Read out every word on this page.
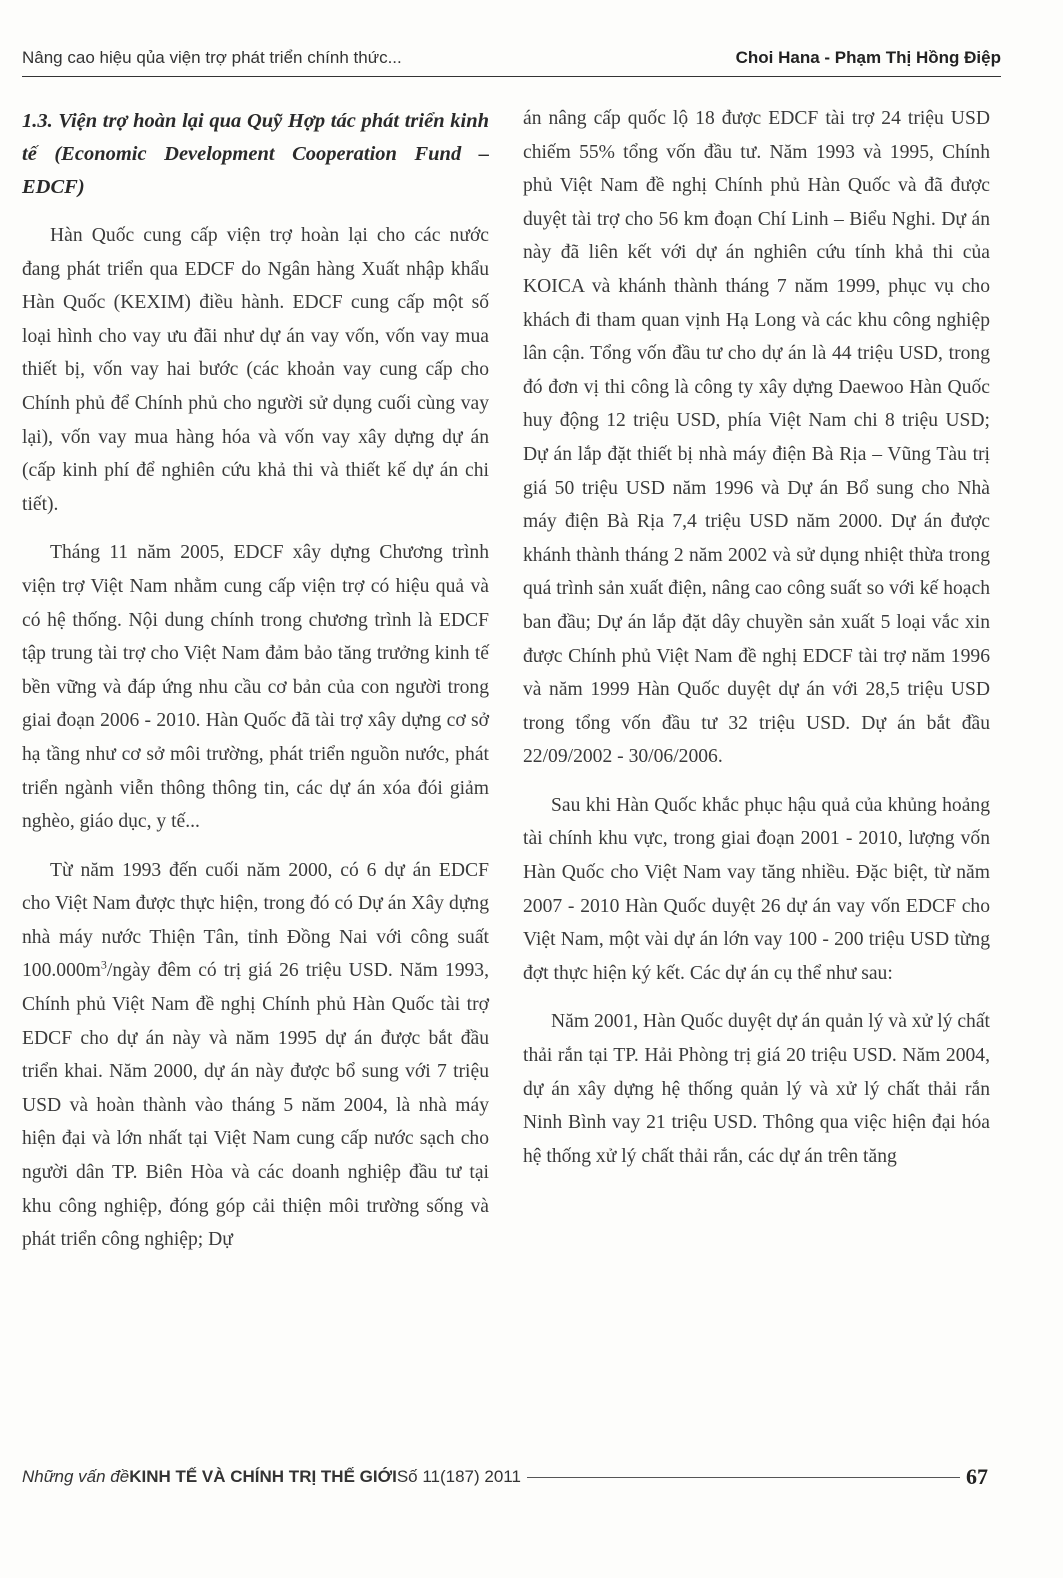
Nâng cao hiệu qủa viện trợ phát triển chính thức...	Choi Hana - Phạm Thị Hồng Điệp

1.3. Viện trợ hoàn lại qua Quỹ Hợp tác phát triển kinh tế (Economic Development Cooperation Fund – EDCF)

Hàn Quốc cung cấp viện trợ hoàn lại cho các nước đang phát triển qua EDCF do Ngân hàng Xuất nhập khẩu Hàn Quốc (KEXIM) điều hành. EDCF cung cấp một số loại hình cho vay ưu đãi như dự án vay vốn, vốn vay mua thiết bị, vốn vay hai bước (các khoản vay cung cấp cho Chính phủ để Chính phủ cho người sử dụng cuối cùng vay lại), vốn vay mua hàng hóa và vốn vay xây dựng dự án (cấp kinh phí để nghiên cứu khả thi và thiết kế dự án chi tiết).

Tháng 11 năm 2005, EDCF xây dựng Chương trình viện trợ Việt Nam nhằm cung cấp viện trợ có hiệu quả và có hệ thống. Nội dung chính trong chương trình là EDCF tập trung tài trợ cho Việt Nam đảm bảo tăng trưởng kinh tế bền vững và đáp ứng nhu cầu cơ bản của con người trong giai đoạn 2006 - 2010. Hàn Quốc đã tài trợ xây dựng cơ sở hạ tầng như cơ sở môi trường, phát triển nguồn nước, phát triển ngành viễn thông thông tin, các dự án xóa đói giảm nghèo, giáo dục, y tế...

Từ năm 1993 đến cuối năm 2000, có 6 dự án EDCF cho Việt Nam được thực hiện, trong đó có Dự án Xây dựng nhà máy nước Thiện Tân, tỉnh Đồng Nai với công suất $100.000m^3$/ngày đêm có trị giá 26 triệu USD. Năm 1993, Chính phủ Việt Nam đề nghị Chính phủ Hàn Quốc tài trợ EDCF cho dự án này và năm 1995 dự án được bắt đầu triển khai. Năm 2000, dự án này được bổ sung với 7 triệu USD và hoàn thành vào tháng 5 năm 2004, là nhà máy hiện đại và lớn nhất tại Việt Nam cung cấp nước sạch cho người dân TP. Biên Hòa và các doanh nghiệp đầu tư tại khu công nghiệp, đóng góp cải thiện môi trường sống và phát triển công nghiệp; Dự

án nâng cấp quốc lộ 18 được EDCF tài trợ 24 triệu USD chiếm 55% tổng vốn đầu tư. Năm 1993 và 1995, Chính phủ Việt Nam đề nghị Chính phủ Hàn Quốc và đã được duyệt tài trợ cho 56 km đoạn Chí Linh – Biểu Nghi. Dự án này đã liên kết với dự án nghiên cứu tính khả thi của KOICA và khánh thành tháng 7 năm 1999, phục vụ cho khách đi tham quan vịnh Hạ Long và các khu công nghiệp lân cận. Tổng vốn đầu tư cho dự án là 44 triệu USD, trong đó đơn vị thi công là công ty xây dựng Daewoo Hàn Quốc huy động 12 triệu USD, phía Việt Nam chi 8 triệu USD; Dự án lắp đặt thiết bị nhà máy điện Bà Rịa – Vũng Tàu trị giá 50 triệu USD năm 1996 và Dự án Bổ sung cho Nhà máy điện Bà Rịa 7,4 triệu USD năm 2000. Dự án được khánh thành tháng 2 năm 2002 và sử dụng nhiệt thừa trong quá trình sản xuất điện, nâng cao công suất so với kế hoạch ban đầu; Dự án lắp đặt dây chuyền sản xuất 5 loại vắc xin được Chính phủ Việt Nam đề nghị EDCF tài trợ năm 1996 và năm 1999 Hàn Quốc duyệt dự án với 28,5 triệu USD trong tổng vốn đầu tư 32 triệu USD. Dự án bắt đầu 22/09/2002 - 30/06/2006.

Sau khi Hàn Quốc khắc phục hậu quả của khủng hoảng tài chính khu vực, trong giai đoạn 2001 - 2010, lượng vốn Hàn Quốc cho Việt Nam vay tăng nhiều. Đặc biệt, từ năm 2007 - 2010 Hàn Quốc duyệt 26 dự án vay vốn EDCF cho Việt Nam, một vài dự án lớn vay 100 - 200 triệu USD từng đợt thực hiện ký kết. Các dự án cụ thể như sau:

Năm 2001, Hàn Quốc duyệt dự án quản lý và xử lý chất thải rắn tại TP. Hải Phòng trị giá 20 triệu USD. Năm 2004, dự án xây dựng hệ thống quản lý và xử lý chất thải rắn Ninh Bình vay 21 triệu USD. Thông qua việc hiện đại hóa hệ thống xử lý chất thải rắn, các dự án trên tăng

Những vấn đề KINH TẾ VÀ CHÍNH TRỊ THẾ GIỚI Số 11(187) 2011	67
